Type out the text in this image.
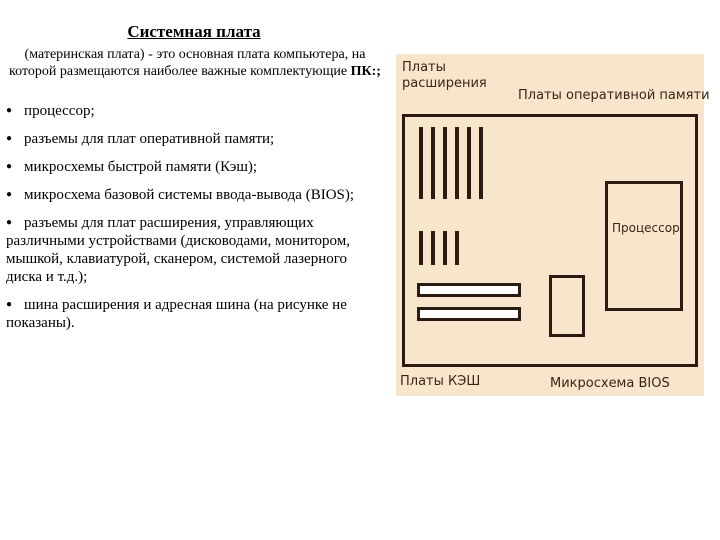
Системная плата
(материнская плата) - это основная плата компьютера, на которой размещаются наиболее важные комплектующие ПК:;
● процессор;
● разъемы для плат оперативной памяти;
● микросхемы быстрой памяти (Кэш);
● микросхема базовой системы ввода-вывода (BIOS);
● разъемы для плат расширения, управляющих различными устройствами (дисководами, монитором, мышкой, клавиатурой, сканером, системой лазерного диска и т.д.);
● шина расширения и адресная шина (на рисунке не показаны).
Платы
расширения
Платы оперативной памяти
Процессор
Платы КЭШ	Микросхема BIOS
